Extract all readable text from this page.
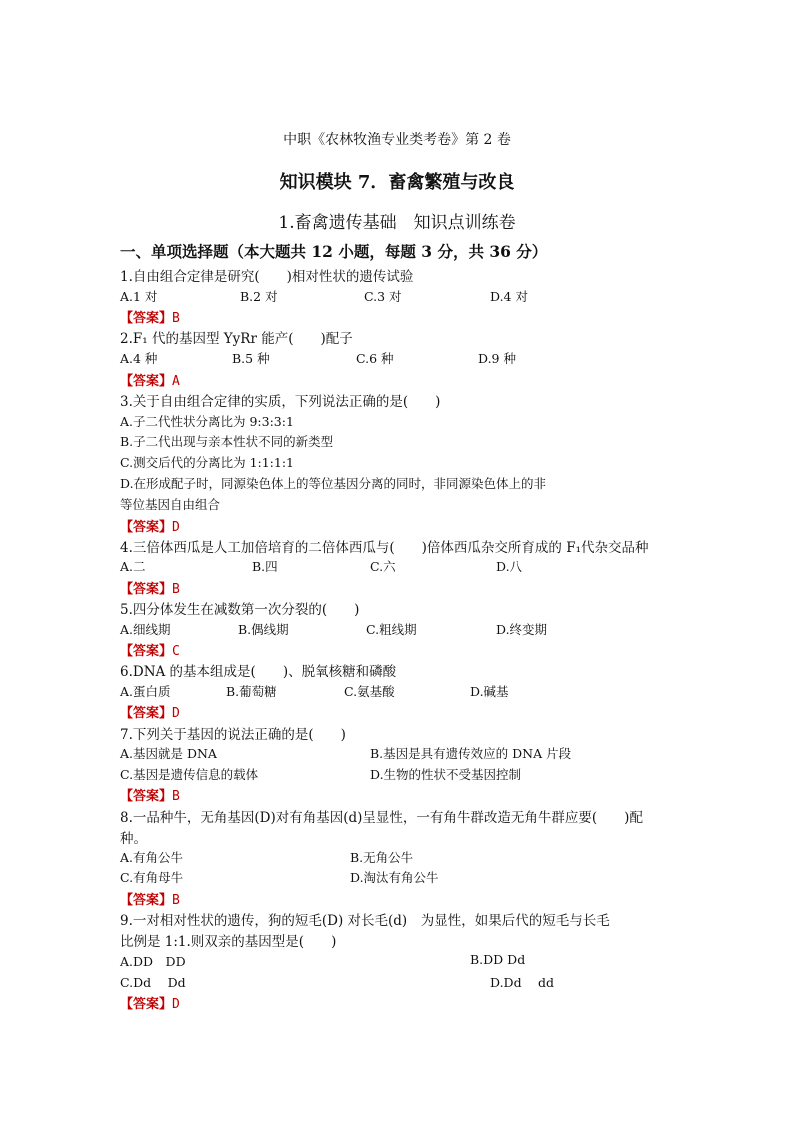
中职《农林牧渔专业类考卷》第 2 卷
知识模块 7．畜禽繁殖与改良
1.畜禽遗传基础　知识点训练卷
一、单项选择题（本大题共 12 小题，每题 3 分，共 36 分）
1.自由组合定律是研究(　　)相对性状的遗传试验
A.1 对	B.2 对	C.3 对	D.4 对
【答案】B
2.F₁ 代的基因型 YyRr 能产(　　)配子
A.4 种	B.5 种	C.6 种	D.9 种
【答案】A
3.关于自由组合定律的实质，下列说法正确的是(　　)
A.子二代性状分离比为 9:3:3:1
B.子二代出现与亲本性状不同的新类型
C.测交后代的分离比为 1:1:1:1
D.在形成配子时，同源染色体上的等位基因分离的同时，非同源染色体上的非
等位基因自由组合
【答案】D
4.三倍体西瓜是人工加倍培育的二倍体西瓜与(　　)倍体西瓜杂交所育成的 F₁代杂交品种
A.二	B.四	C.六	D.八
【答案】B
5.四分体发生在减数第一次分裂的(　　)
A.细线期	B.偶线期	C.粗线期	D.终变期
【答案】C
6.DNA 的基本组成是(　　)、脱氧核糖和磷酸
A.蛋白质	B.葡萄糖	C.氨基酸	D.碱基
【答案】D
7.下列关于基因的说法正确的是(　　)
A.基因就是 DNA	B.基因是具有遗传效应的 DNA 片段
C.基因是遗传信息的载体	D.生物的性状不受基因控制
【答案】B
8.一品种牛，无角基因(D)对有角基因(d)呈显性，一有角牛群改造无角牛群应要(　　)配
种。
A.有角公牛	B.无角公牛
C.有角母牛	D.淘汰有角公牛
【答案】B
9.一对相对性状的遗传，狗的短毛(D) 对长毛(d)　为显性，如果后代的短毛与长毛
比例是 1:1.则双亲的基因型是(　　)
A.DD　DD	B.DD Dd
C.Dd　 Dd	D.Dd　 dd
【答案】D
